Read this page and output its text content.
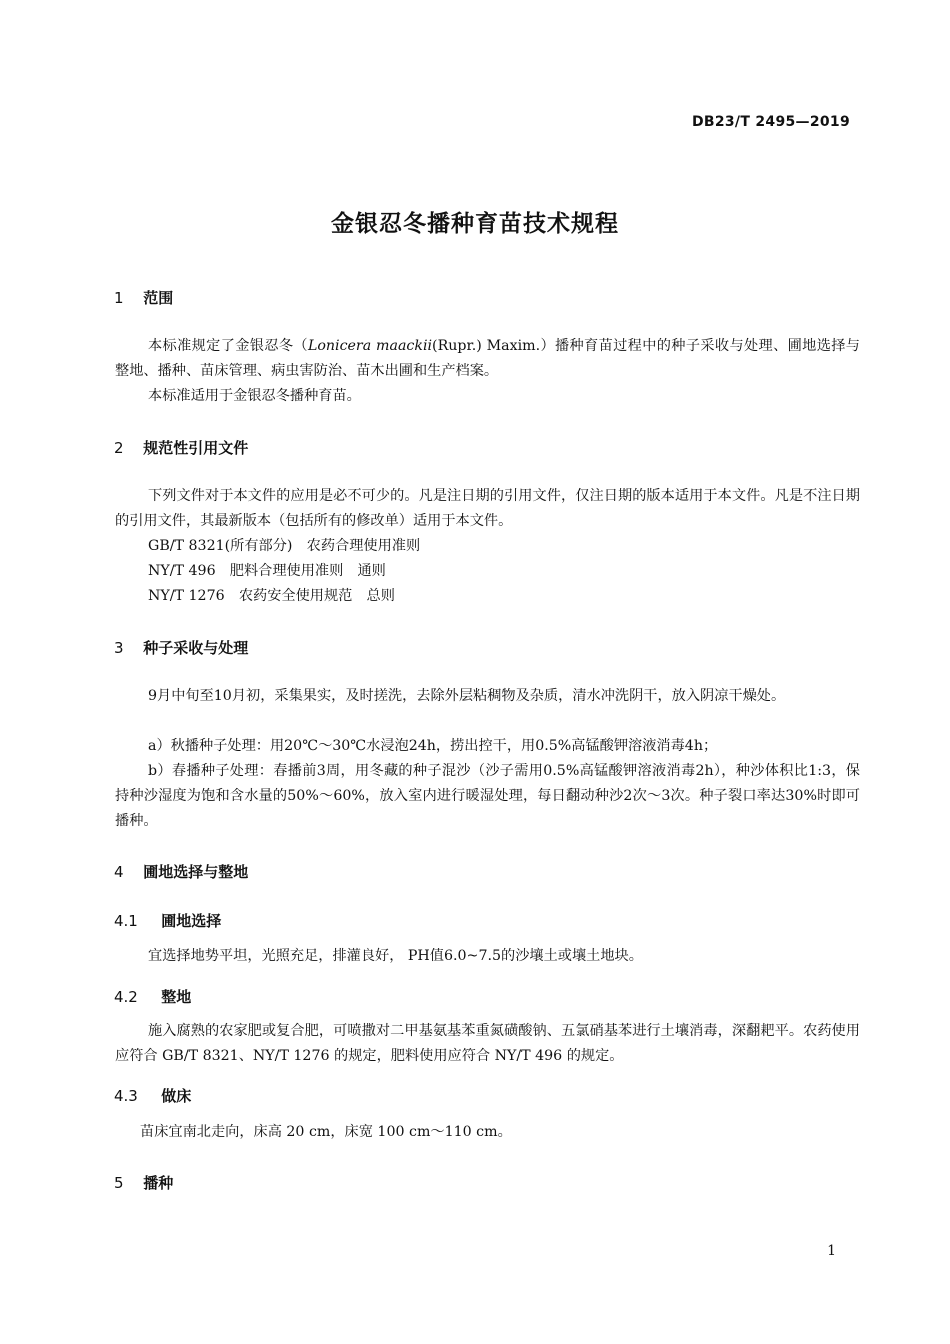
DB23/T 2495—2019
金银忍冬播种育苗技术规程
1 范围
本标准规定了金银忍冬（Lonicera maackii(Rupr.) Maxim.）播种育苗过程中的种子采收与处理、圃地选择与整地、播种、苗床管理、病虫害防治、苗木出圃和生产档案。
本标准适用于金银忍冬播种育苗。
2 规范性引用文件
下列文件对于本文件的应用是必不可少的。凡是注日期的引用文件，仅注日期的版本适用于本文件。凡是不注日期的引用文件，其最新版本（包括所有的修改单）适用于本文件。
GB/T 8321(所有部分)　农药合理使用准则
NY/T 496　肥料合理使用准则　通则
NY/T 1276　农药安全使用规范　总则
3 种子采收与处理
9月中旬至10月初，采集果实，及时搓洗，去除外层粘稠物及杂质，清水冲洗阴干，放入阴凉干燥处。
a）秋播种子处理：用20℃～30℃水浸泡24h，捞出控干，用0.5%高锰酸钾溶液消毒4h；
b）春播种子处理：春播前3周，用冬藏的种子混沙（沙子需用0.5%高锰酸钾溶液消毒2h），种沙体积比1:3，保持种沙湿度为饱和含水量的50%～60%，放入室内进行暖湿处理，每日翻动种沙2次～3次。种子裂口率达30%时即可播种。
4 圃地选择与整地
4.1 圃地选择
宜选择地势平坦，光照充足，排灌良好， PH值6.0~7.5的沙壤土或壤土地块。
4.2 整地
施入腐熟的农家肥或复合肥，可喷撒对二甲基氨基苯重氮磺酸钠、五氯硝基苯进行土壤消毒，深翻耙平。农药使用应符合 GB/T 8321、NY/T 1276 的规定，肥料使用应符合 NY/T 496 的规定。
4.3 做床
苗床宜南北走向，床高 20 cm，床宽 100 cm～110 cm。
5 播种
1
